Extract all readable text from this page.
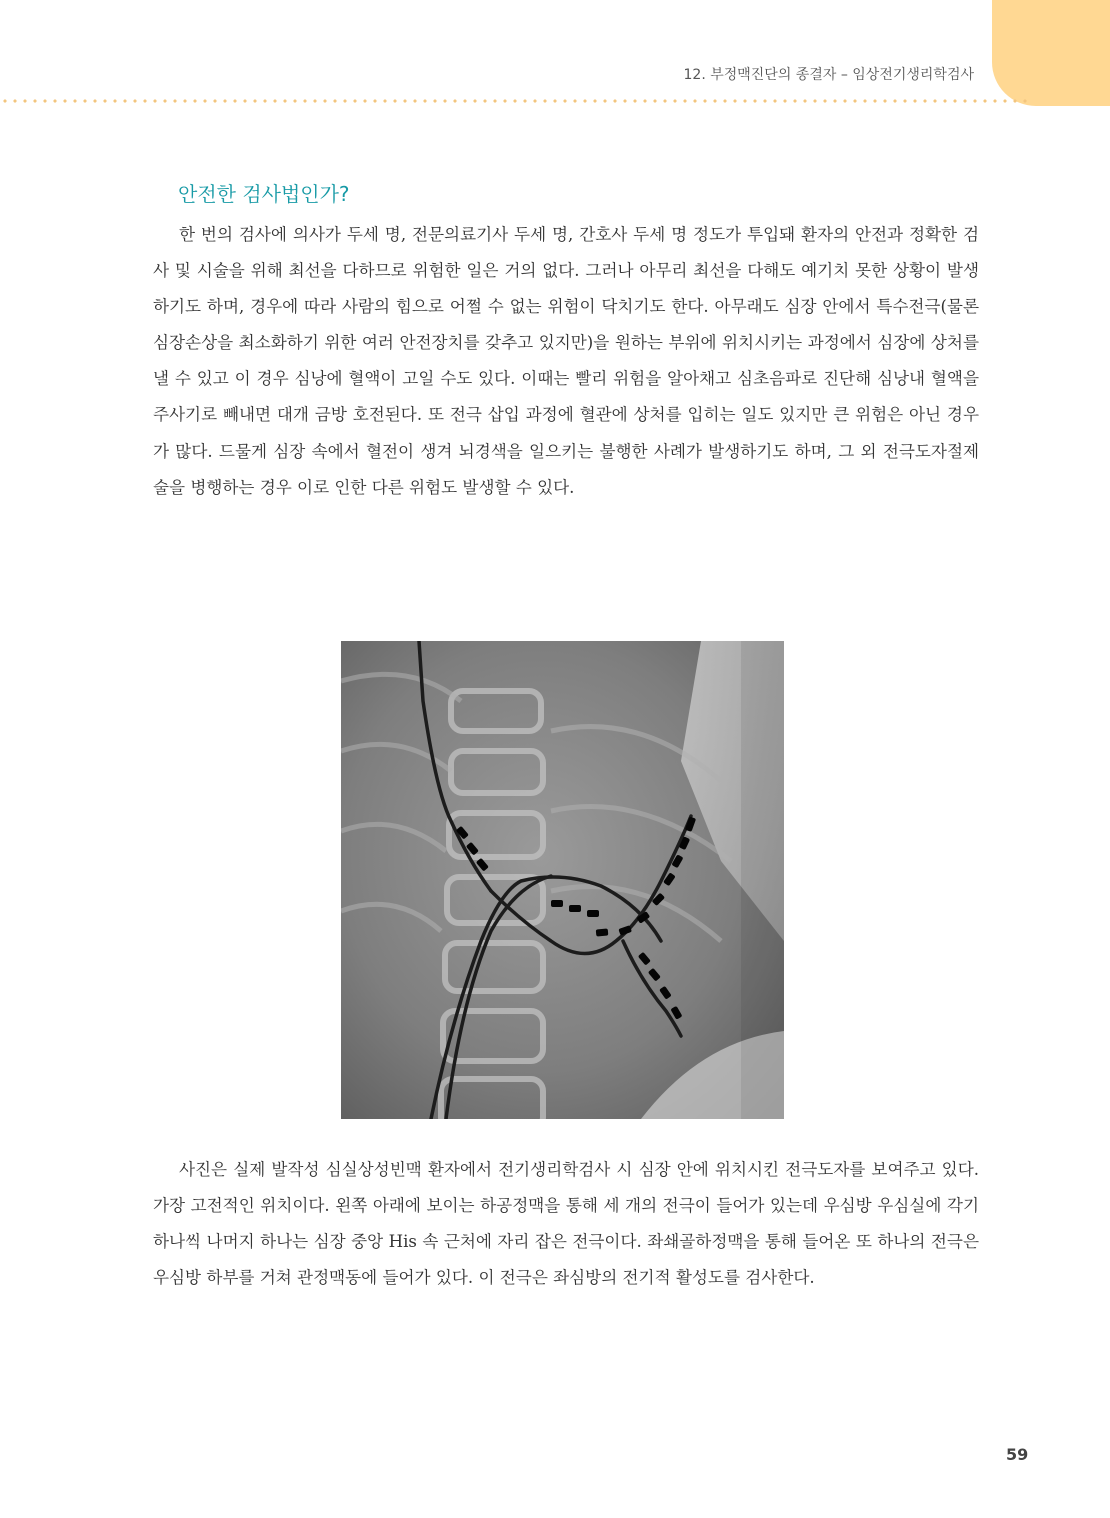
12. 부정맥진단의 종결자 – 임상전기생리학검사
안전한 검사법인가?

한 번의 검사에 의사가 두세 명, 전문의료기사 두세 명, 간호사 두세 명 정도가 투입돼 환자의 안전과 정확한 검사 및 시술을 위해 최선을 다하므로 위험한 일은 거의 없다. 그러나 아무리 최선을 다해도 예기치 못한 상황이 발생하기도 하며, 경우에 따라 사람의 힘으로 어쩔 수 없는 위험이 닥치기도 한다. 아무래도 심장 안에서 특수전극(물론 심장손상을 최소화하기 위한 여러 안전장치를 갖추고 있지만)을 원하는 부위에 위치시키는 과정에서 심장에 상처를 낼 수 있고 이 경우 심낭에 혈액이 고일 수도 있다. 이때는 빨리 위험을 알아채고 심초음파로 진단해 심낭내 혈액을 주사기로 빼내면 대개 금방 호전된다. 또 전극 삽입 과정에 혈관에 상처를 입히는 일도 있지만 큰 위험은 아닌 경우가 많다. 드물게 심장 속에서 혈전이 생겨 뇌경색을 일으키는 불행한 사례가 발생하기도 하며, 그 외 전극도자절제술을 병행하는 경우 이로 인한 다른 위험도 발생할 수 있다.

사진은 실제 발작성 심실상성빈맥 환자에서 전기생리학검사 시 심장 안에 위치시킨 전극도자를 보여주고 있다. 가장 고전적인 위치이다. 왼쪽 아래에 보이는 하공정맥을 통해 세 개의 전극이 들어가 있는데 우심방 우심실에 각기 하나씩 나머지 하나는 심장 중앙 His 속 근처에 자리 잡은 전극이다. 좌쇄골하정맥을 통해 들어온 또 하나의 전극은 우심방 하부를 거쳐 관정맥동에 들어가 있다. 이 전극은 좌심방의 전기적 활성도를 검사한다.

59
